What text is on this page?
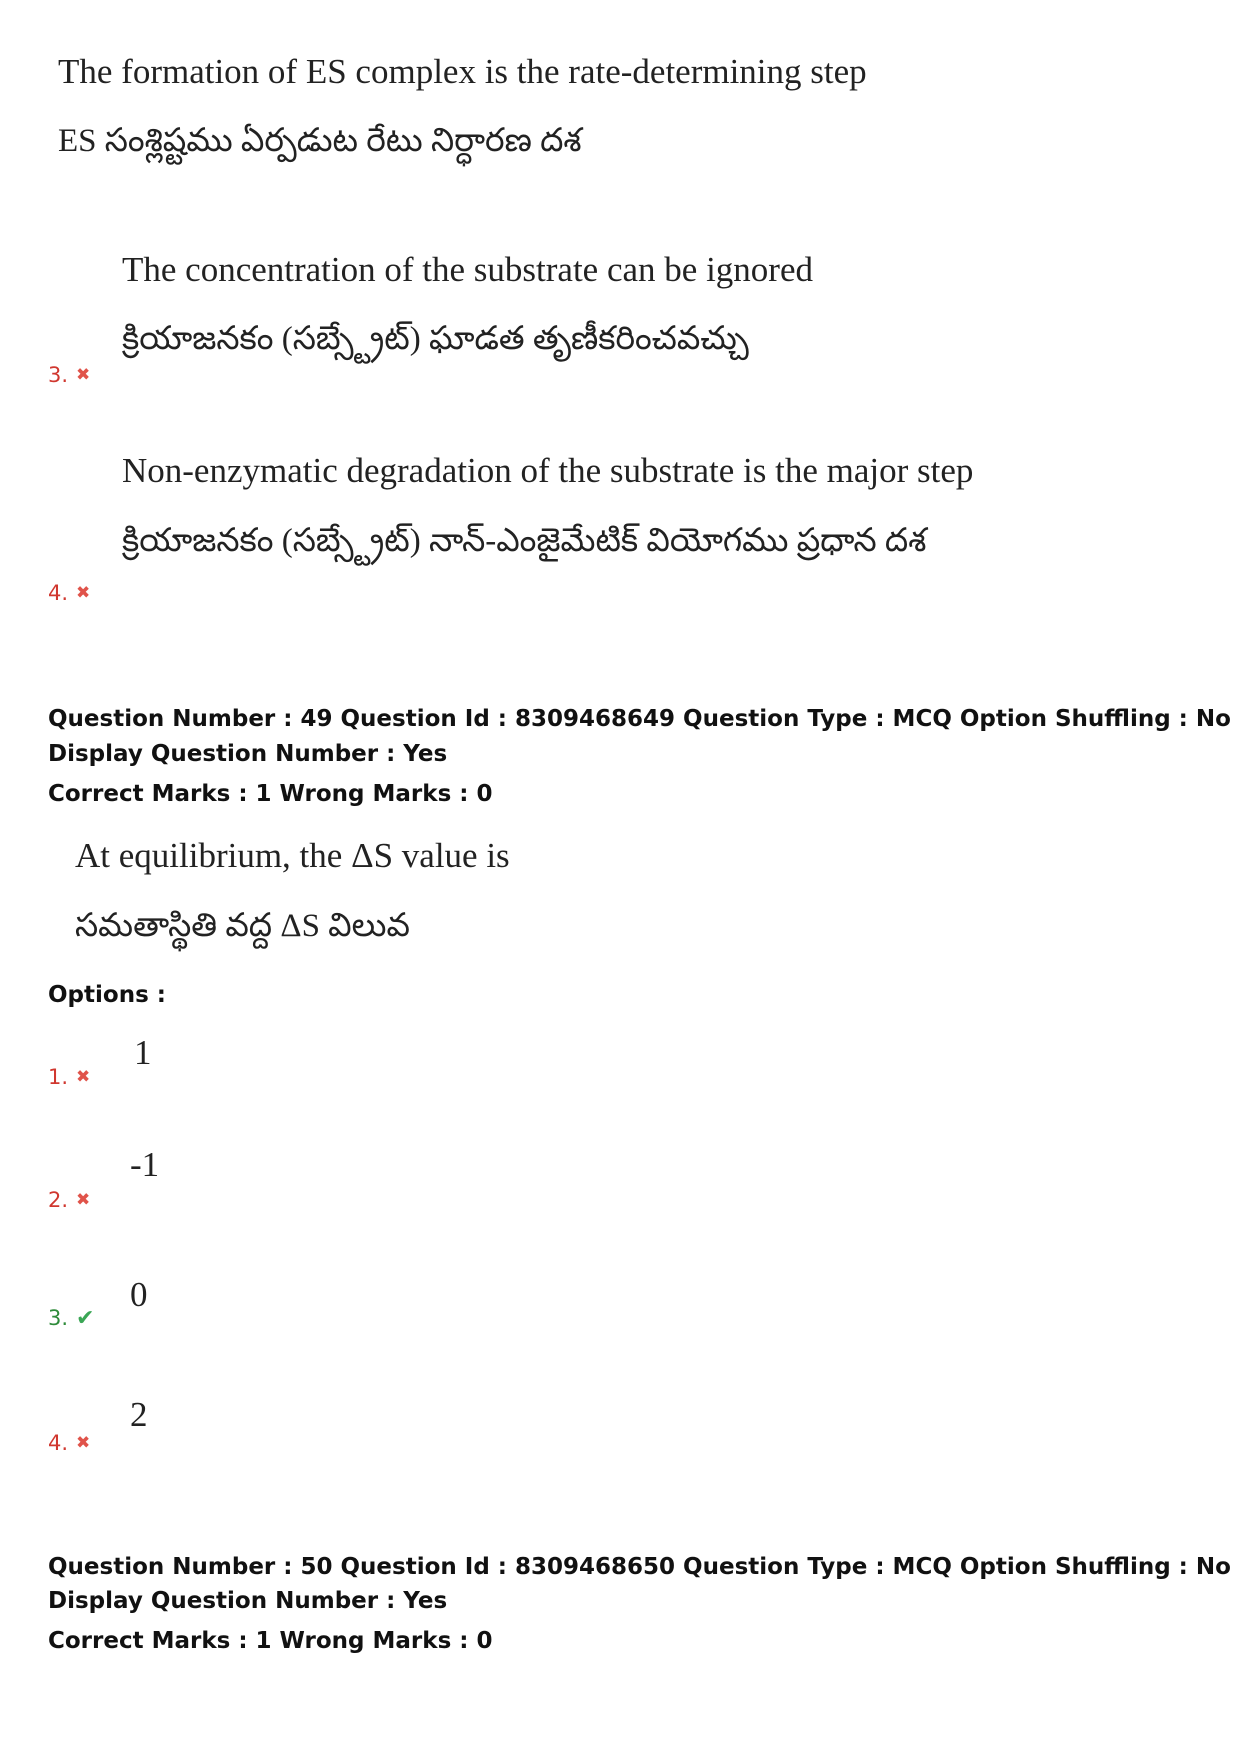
The formation of ES complex is the rate-determining step
ES సంశ్లిష్టము ఏర్పడుట రేటు నిర్ధారణ దశ
The concentration of the substrate can be ignored
క్రియాజనకం (సబ్స్ట్రేట్) ఘాడత తృణీకరించవచ్చు
3. ✖
Non-enzymatic degradation of the substrate is the major step
క్రియాజనకం (సబ్స్ట్రేట్) నాన్-ఎంజైమేటిక్ వియోగము ప్రధాన దశ
4. ✖
Question Number : 49 Question Id : 8309468649 Question Type : MCQ Option Shuffling : No
Display Question Number : Yes
Correct Marks : 1 Wrong Marks : 0
At equilibrium, the ΔS value is
సమతాస్థితి వద్ద ΔS విలువ
Options :
1
1. ✖
-1
2. ✖
0
3. ✔
2
4. ✖
Question Number : 50 Question Id : 8309468650 Question Type : MCQ Option Shuffling : No
Display Question Number : Yes
Correct Marks : 1 Wrong Marks : 0
